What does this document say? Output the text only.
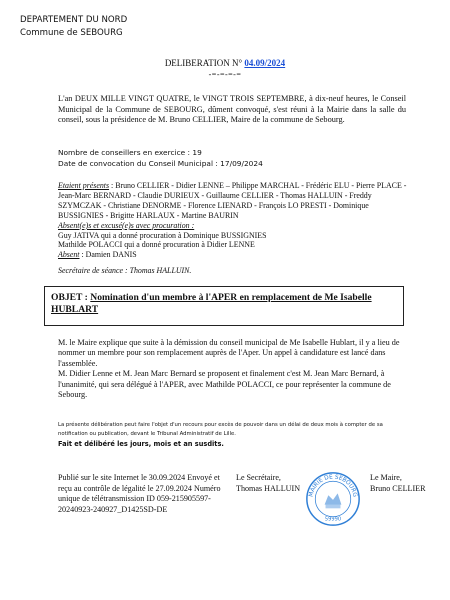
DEPARTEMENT DU NORD
Commune de SEBOURG
DELIBERATION N° 04.09/2024
-=-=-=-=
L'an DEUX MILLE VINGT QUATRE, le VINGT TROIS SEPTEMBRE, à dix-neuf heures, le Conseil Municipal de la Commune de SEBOURG, dûment convoqué, s'est réuni à la Mairie dans la salle du conseil, sous la présidence de M. Bruno CELLIER, Maire de la commune de Sebourg.
Nombre de conseillers en exercice : 19
Date de convocation du Conseil Municipal : 17/09/2024
Etaient présents : Bruno CELLIER - Didier LENNE – Philippe MARCHAL - Frédéric ELU - Pierre PLACE - Jean-Marc BERNARD - Claudie DURIEUX - Guillaume CELLIER - Thomas HALLUIN - Freddy SZYMCZAK - Christiane DENORME - Florence LIENARD - François LO PRESTI - Dominique BUSSIGNIES - Brigitte HARLAUX - Martine BAURIN
Absent(e)s et excusé(e)s avec procuration :
Guy JATIVA qui a donné procuration à Dominique BUSSIGNIES
Mathilde POLACCI qui a donné procuration à Didier LENNE
Absent : Damien DANIS
Secrétaire de séance : Thomas HALLUIN.
OBJET : Nomination d'un membre à l'APER en remplacement de Me Isabelle HUBLART

M. le Maire explique que suite à la démission du conseil municipal de Me Isabelle Hublart, il y a lieu de nommer un membre pour son remplacement auprès de l'Aper. Un appel à candidature est lancé dans l'assemblée.

M. Didier Lenne et M. Jean Marc Bernard se proposent et finalement c'est M. Jean Marc Bernard, à l'unanimité, qui sera délégué à l'APER, avec Mathilde POLACCI, ce pour représenter la commune de Sebourg.

La présente délibération peut faire l'objet d'un recours pour excès de pouvoir dans un délai de deux mois à compter de sa notification ou publication, devant le Tribunal Administratif de Lille.
Fait et délibéré les jours, mois et an susdits.
Publié sur le site Internet le 30.09.2024 Envoyé et reçu au contrôle de légalité le 27.09.2024 Numéro unique de télétransmission ID 059-215905597-20240923-240927_D1425SD-DE
Le Secrétaire,
Thomas HALLUIN
MAIRIE DE SEBOURG
59990
Le Maire,
Bruno CELLIER
